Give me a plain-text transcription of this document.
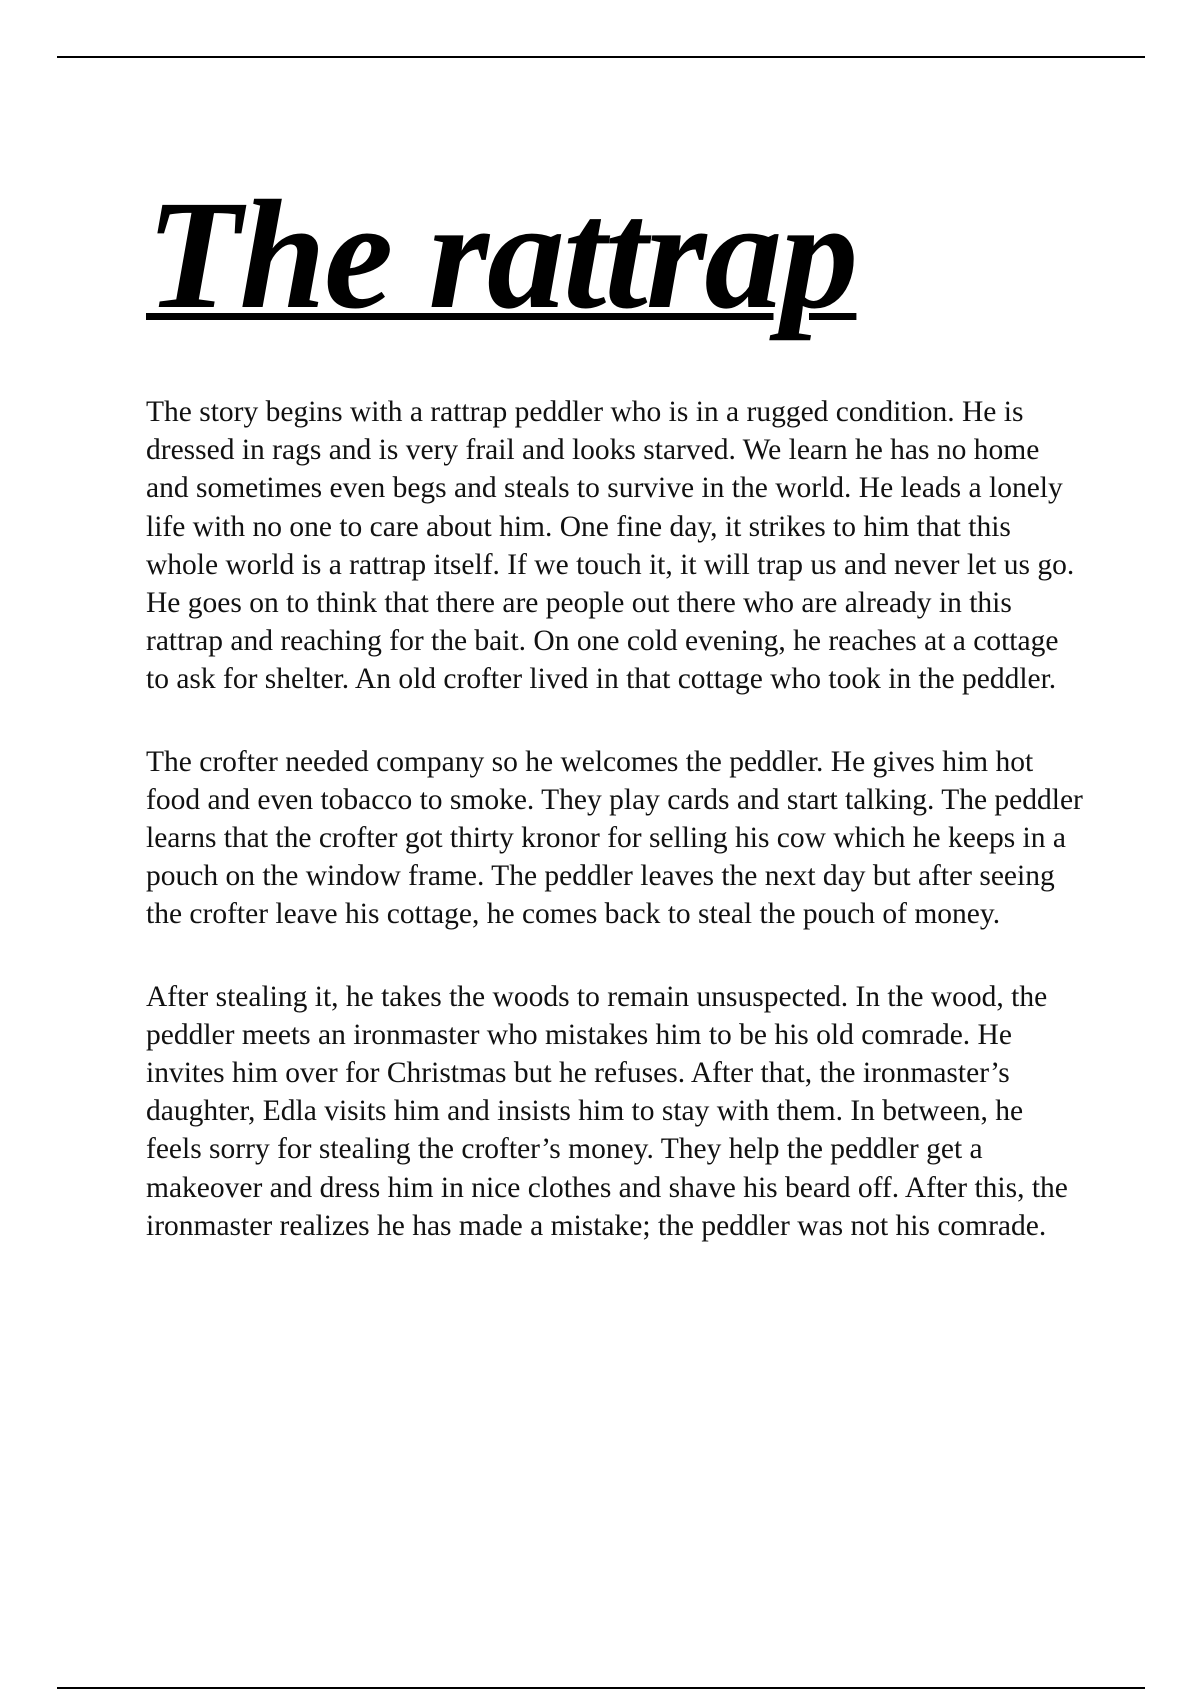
The rattrap

The story begins with a rattrap peddler who is in a rugged condition. He is dressed in rags and is very frail and looks starved. We learn he has no home and sometimes even begs and steals to survive in the world. He leads a lonely life with no one to care about him. One fine day, it strikes to him that this whole world is a rattrap itself. If we touch it, it will trap us and never let us go. He goes on to think that there are people out there who are already in this rattrap and reaching for the bait. On one cold evening, he reaches at a cottage to ask for shelter. An old crofter lived in that cottage who took in the peddler.

The crofter needed company so he welcomes the peddler. He gives him hot food and even tobacco to smoke. They play cards and start talking. The peddler learns that the crofter got thirty kronor for selling his cow which he keeps in a pouch on the window frame. The peddler leaves the next day but after seeing the crofter leave his cottage, he comes back to steal the pouch of money.

After stealing it, he takes the woods to remain unsuspected. In the wood, the peddler meets an ironmaster who mistakes him to be his old comrade. He invites him over for Christmas but he refuses. After that, the ironmaster’s daughter, Edla visits him and insists him to stay with them. In between, he feels sorry for stealing the crofter’s money. They help the peddler get a makeover and dress him in nice clothes and shave his beard off. After this, the ironmaster realizes he has made a mistake; the peddler was not his comrade.
